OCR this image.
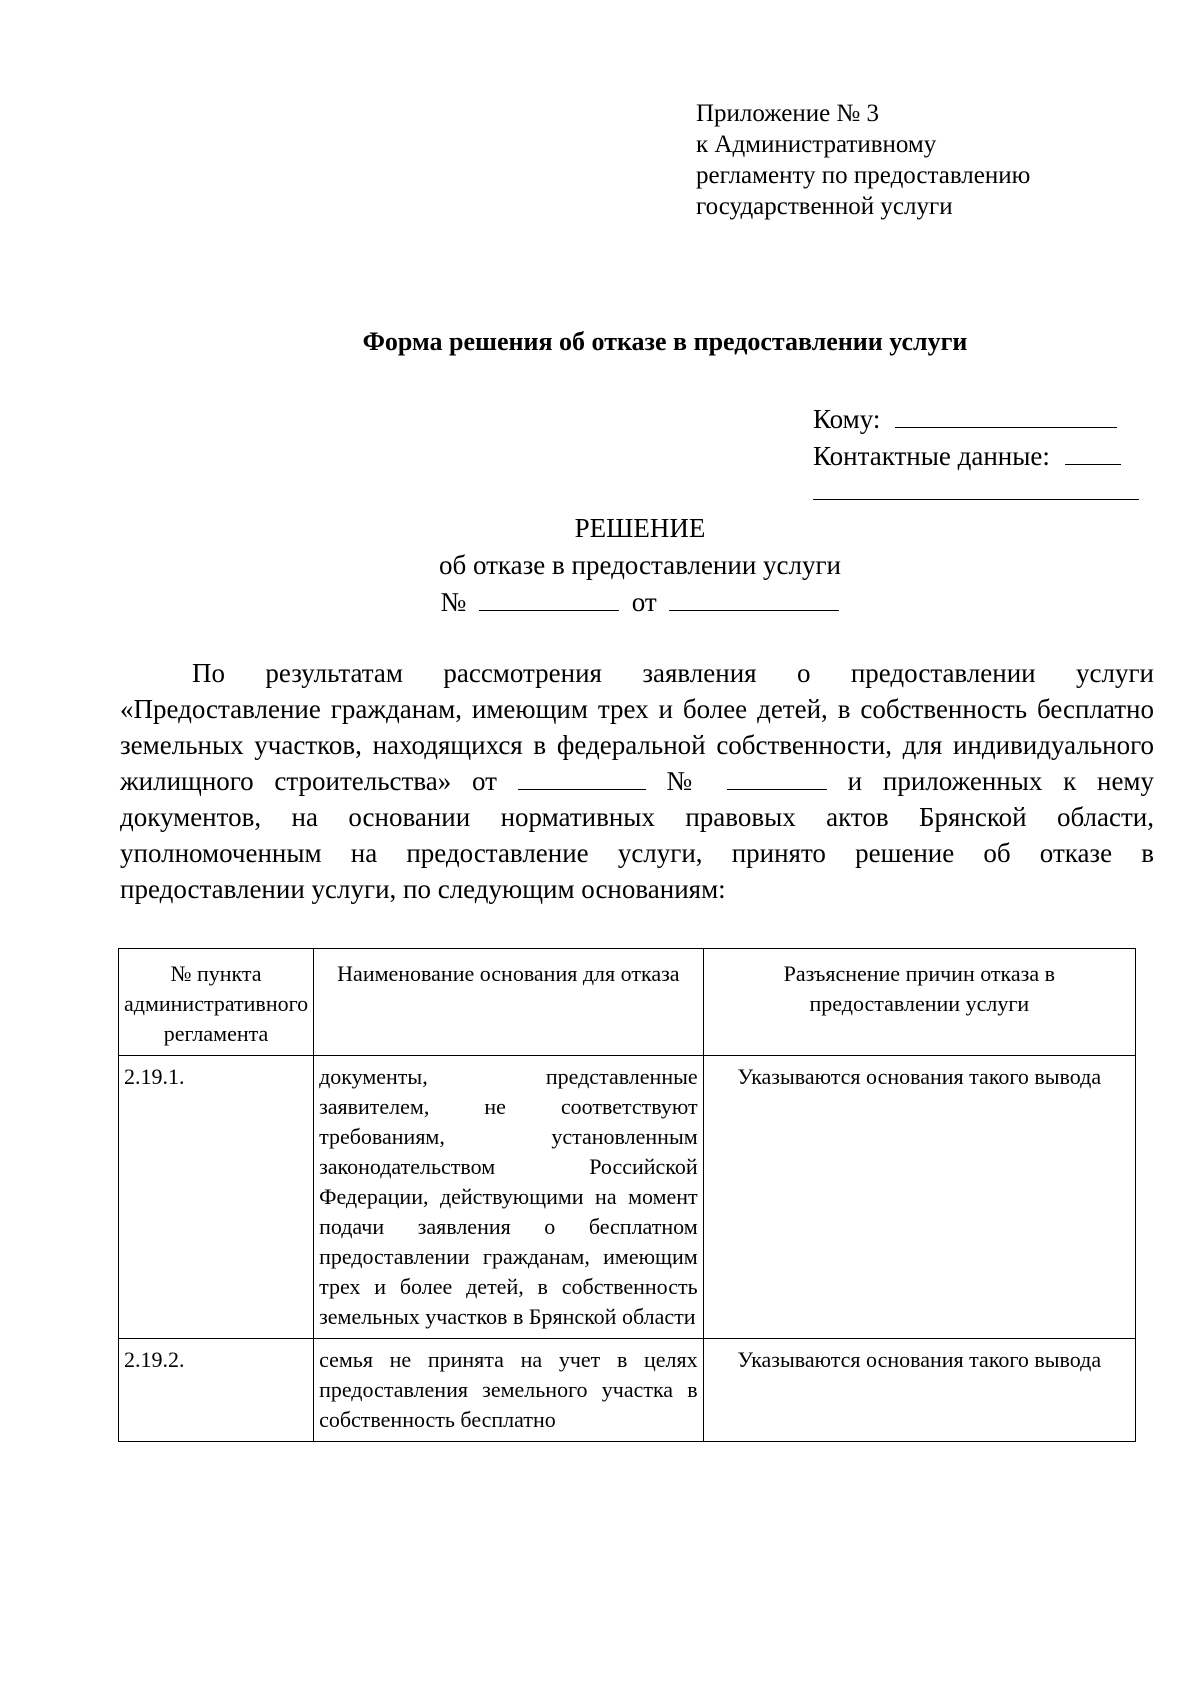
Приложение № 3
к Административному
регламенту по предоставлению
государственной услуги
Форма решения об отказе в предоставлении услуги
Кому:
Контактные данные:
РЕШЕНИЕ
об отказе в предоставлении услуги
№	от
По результатам рассмотрения заявления о предоставлении услуги «Предоставление гражданам, имеющим трех и более детей, в собственность бесплатно земельных участков, находящихся в федеральной собственности, для индивидуального жилищного строительства» от	№	и приложенных к нему документов, на основании нормативных правовых актов Брянской области, уполномоченным на предоставление услуги, принято решение об отказе в предоставлении услуги, по следующим основаниям:
№ пункта административного регламента	Наименование основания для отказа	Разъяснение причин отказа в предоставлении услуги
2.19.1.	документы, представленные заявителем, не соответствуют требованиям, установленным законодательством Российской Федерации, действующими на момент подачи заявления о бесплатном предоставлении гражданам, имеющим трех и более детей, в собственность земельных участков в Брянской области	Указываются основания такого вывода
2.19.2.	семья не принята на учет в целях предоставления земельного участка в собственность бесплатно	Указываются основания такого вывода
